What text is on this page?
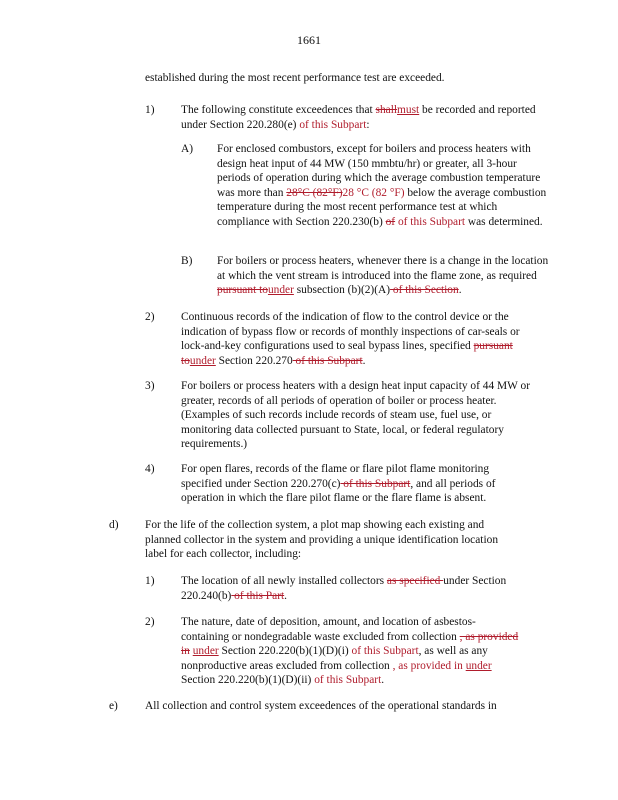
1661

established during the most recent performance test are exceeded.

1) The following constitute exceedences that shallmust be recorded and reported under Section 220.280(e) of this Subpart:

A) For enclosed combustors, except for boilers and process heaters with design heat input of 44 MW (150 mmbtu/hr) or greater, all 3-hour periods of operation during which the average combustion temperature was more than 28°C (82°F)28 °C (82 °F) below the average combustion temperature during the most recent performance test at which compliance with Section 220.230(b) of of this Subpart was determined.

B) For boilers or process heaters, whenever there is a change in the location at which the vent stream is introduced into the flame zone, as required pursuant tounder subsection (b)(2)(A) of this Section.

2) Continuous records of the indication of flow to the control device or the indication of bypass flow or records of monthly inspections of car-seals or lock-and-key configurations used to seal bypass lines, specified pursuant tounder Section 220.270 of this Subpart.

3) For boilers or process heaters with a design heat input capacity of 44 MW or greater, records of all periods of operation of boiler or process heater. (Examples of such records include records of steam use, fuel use, or monitoring data collected pursuant to State, local, or federal regulatory requirements.)

4) For open flares, records of the flame or flare pilot flame monitoring specified under Section 220.270(c) of this Subpart, and all periods of operation in which the flare pilot flame or the flare flame is absent.

d) For the life of the collection system, a plot map showing each existing and planned collector in the system and providing a unique identification location label for each collector, including:

1) The location of all newly installed collectors as specified under Section 220.240(b) of this Part.

2) The nature, date of deposition, amount, and location of asbestos-containing or nondegradable waste excluded from collection , as provided in under Section 220.220(b)(1)(D)(i) of this Subpart, as well as any nonproductive areas excluded from collection , as provided in under Section 220.220(b)(1)(D)(ii) of this Subpart.

e) All collection and control system exceedences of the operational standards in
